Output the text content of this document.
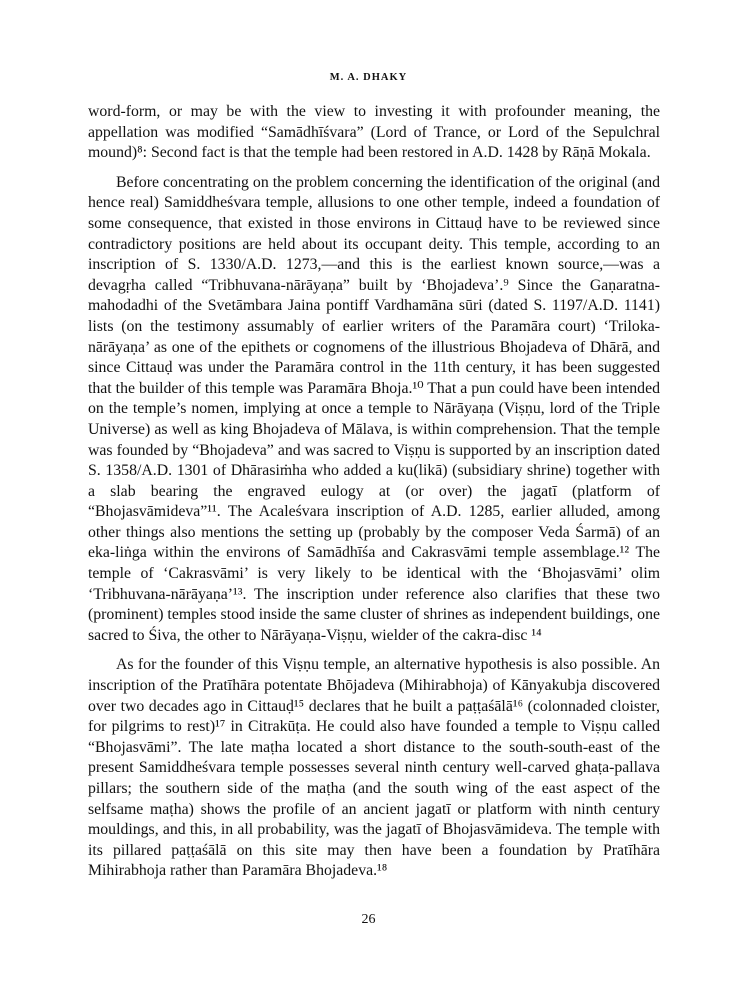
M. A. DHAKY

word-form, or may be with the view to investing it with profounder meaning, the appellation was modified “Samādhīśvara” (Lord of Trance, or Lord of the Sepulchral mound)⁸: Second fact is that the temple had been restored in A.D. 1428 by Rāṇā Mokala.

Before concentrating on the problem concerning the identification of the original (and hence real) Samiddheśvara temple, allusions to one other temple, indeed a foundation of some consequence, that existed in those environs in Cittauḍ have to be reviewed since contradictory positions are held about its occupant deity. This temple, according to an inscription of S. 1330/A.D. 1273,—and this is the earliest known source,—was a devagṛha called “Tribhuvana-nārāyaṇa” built by ‘Bhojadeva’.⁹ Since the Gaṇaratna-mahodadhi of the Svetāmbara Jaina pontiff Vardhamāna sūri (dated S. 1197/A.D. 1141) lists (on the testimony assumably of earlier writers of the Paramāra court) ‘Triloka-nārāyaṇa’ as one of the epithets or cognomens of the illustrious Bhojadeva of Dhārā, and since Cittauḍ was under the Paramāra control in the 11th century, it has been suggested that the builder of this temple was Paramāra Bhoja.¹⁰ That a pun could have been intended on the temple’s nomen, implying at once a temple to Nārāyaṇa (Viṣṇu, lord of the Triple Universe) as well as king Bhojadeva of Mālava, is within comprehension. That the temple was founded by “Bhojadeva” and was sacred to Viṣṇu is supported by an inscription dated S. 1358/A.D. 1301 of Dhārasiṁha who added a ku(likā) (subsidiary shrine) together with a slab bearing the engraved eulogy at (or over) the jagatī (platform of “Bhojasvāmideva”¹¹. The Acaleśvara inscription of A.D. 1285, earlier alluded, among other things also mentions the setting up (probably by the composer Veda Śarmā) of an eka-liṅga within the environs of Samādhīśa and Cakrasvāmi temple assemblage.¹² The temple of ‘Cakrasvāmi’ is very likely to be identical with the ‘Bhojasvāmi’ olim ‘Tribhuvana-nārāyaṇa’¹³. The inscription under reference also clarifies that these two (prominent) temples stood inside the same cluster of shrines as independent buildings, one sacred to Śiva, the other to Nārāyaṇa-Viṣṇu, wielder of the cakra-disc ¹⁴

As for the founder of this Viṣṇu temple, an alternative hypothesis is also possible. An inscription of the Pratīhāra potentate Bhōjadeva (Mihirabhoja) of Kānyakubja discovered over two decades ago in Cittauḍ¹⁵ declares that he built a paṭṭaśālā¹⁶ (colonnaded cloister, for pilgrims to rest)¹⁷ in Citrakūṭa. He could also have founded a temple to Viṣṇu called “Bhojasvāmi”. The late maṭha located a short distance to the south-south-east of the present Samiddheśvara temple possesses several ninth century well-carved ghaṭa-pallava pillars; the southern side of the maṭha (and the south wing of the east aspect of the selfsame maṭha) shows the profile of an ancient jagatī or platform with ninth century mouldings, and this, in all probability, was the jagatī of Bhojasvāmideva. The temple with its pillared paṭṭaśālā on this site may then have been a foundation by Pratīhāra Mihirabhoja rather than Paramāra Bhojadeva.¹⁸

26
